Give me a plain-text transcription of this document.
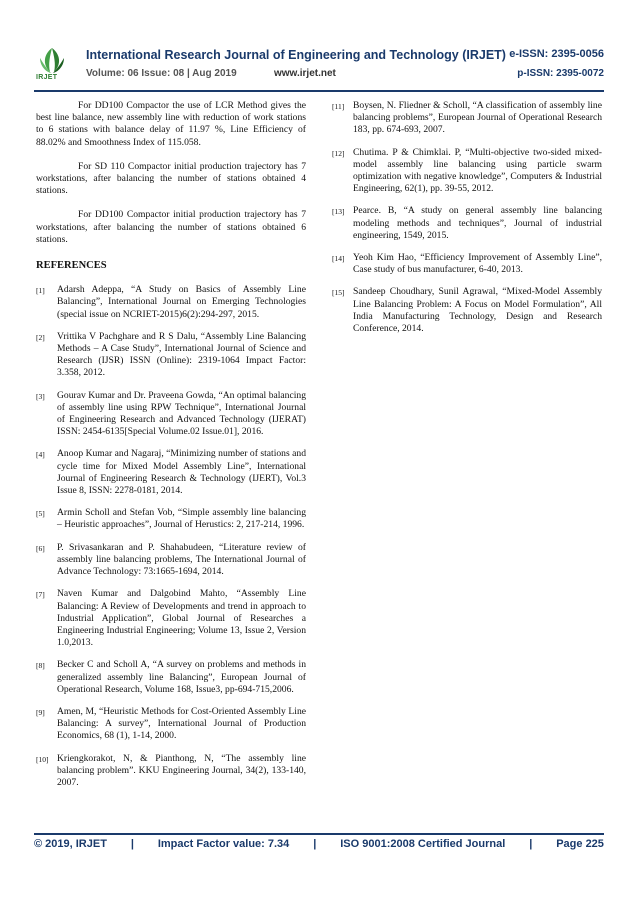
IRJET
International Research Journal of Engineering and Technology (IRJET) e-ISSN: 2395-0056
Volume: 06 Issue: 08 | Aug 2019	www.irjet.net	p-ISSN: 2395-0072

For DD100 Compactor the use of LCR Method gives the best line balance, new assembly line with reduction of work stations to 6 stations with balance delay of 11.97 %, Line Efficiency of 88.02% and Smoothness Index of 115.058.

For SD 110 Compactor initial production trajectory has 7 workstations, after balancing the number of stations obtained 4 stations.

For DD100 Compactor initial production trajectory has 7 workstations, after balancing the number of stations obtained 6 stations.

REFERENCES
[1]	Adarsh Adeppa, “A Study on Basics of Assembly Line Balancing”, International Journal on Emerging Technologies (special issue on NCRIET-2015)6(2):294-297, 2015.
[2]	Vrittika V Pachghare and R S Dalu, “Assembly Line Balancing Methods – A Case Study”, International Journal of Science and Research (IJSR) ISSN (Online): 2319-1064 Impact Factor: 3.358, 2012.
[3]	Gourav Kumar and Dr. Praveena Gowda, “An optimal balancing of assembly line using RPW Technique”, International Journal of Engineering Research and Advanced Technology (IJERAT) ISSN: 2454-6135[Special Volume.02 Issue.01], 2016.
[4]	Anoop Kumar and Nagaraj, “Minimizing number of stations and cycle time for Mixed Model Assembly Line”, International Journal of Engineering Research & Technology (IJERT), Vol.3 Issue 8, ISSN: 2278-0181, 2014.
[5]	Armin Scholl and Stefan Vob, “Simple assembly line balancing – Heuristic approaches”, Journal of Herustics: 2, 217-214, 1996.
[6]	P. Srivasankaran and P. Shahabudeen, “Literature review of assembly line balancing problems, The International Journal of Advance Technology: 73:1665-1694, 2014.
[7]	Naven Kumar and Dalgobind Mahto, “Assembly Line Balancing: A Review of Developments and trend in approach to Industrial Application”, Global Journal of Researches a Engineering Industrial Engineering; Volume 13, Issue 2, Version 1.0,2013.
[8]	Becker C and Scholl A, “A survey on problems and methods in generalized assembly line Balancing”, European Journal of Operational Research, Volume 168, Issue3, pp-694-715,2006.
[9]	Amen, M, “Heuristic Methods for Cost-Oriented Assembly Line Balancing: A survey”, International Journal of Production Economics, 68 (1), 1-14, 2000.
[10] Kriengkorakot, N, & Pianthong, N, “The assembly line balancing problem”. KKU Engineering Journal, 34(2), 133-140, 2007.
[11] Boysen, N. Fliedner & Scholl, “A classification of assembly line balancing problems”, European Journal of Operational Research 183, pp. 674-693, 2007.
[12] Chutima. P & Chimklai. P, “Multi-objective two-sided mixed-model assembly line balancing using particle swarm optimization with negative knowledge”, Computers & Industrial Engineering, 62(1), pp. 39-55, 2012.
[13] Pearce. B, “A study on general assembly line balancing modeling methods and techniques”, Journal of industrial engineering, 1549, 2015.
[14] Yeoh Kim Hao, “Efficiency Improvement of Assembly Line”, Case study of bus manufacturer, 6-40, 2013.
[15] Sandeep Choudhary, Sunil Agrawal, “Mixed-Model Assembly Line Balancing Problem: A Focus on Model Formulation”, All India Manufacturing Technology, Design and Research Conference, 2014.
© 2019, IRJET | Impact Factor value: 7.34 | ISO 9001:2008 Certified Journal | Page 225
